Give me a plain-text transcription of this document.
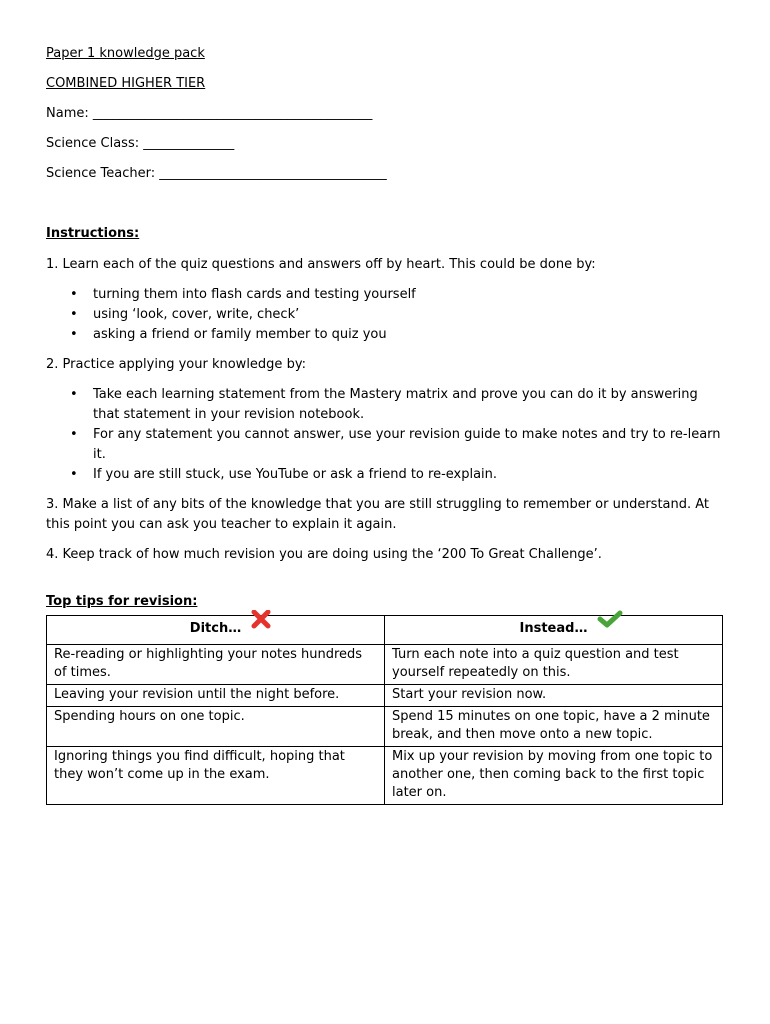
Paper 1 knowledge pack
COMBINED HIGHER TIER
Name: ___________________________________________
Science Class: ______________
Science Teacher: ___________________________________
Instructions:

1. Learn each of the quiz questions and answers off by heart. This could be done by:

• turning them into flash cards and testing yourself
• using ‘look, cover, write, check’
• asking a friend or family member to quiz you

2. Practice applying your knowledge by:

• Take each learning statement from the Mastery matrix and prove you can do it by answering that statement in your revision notebook.
• For any statement you cannot answer, use your revision guide to make notes and try to re-learn it.
• If you are still stuck, use YouTube or ask a friend to re-explain.

3. Make a list of any bits of the knowledge that you are still struggling to remember or understand. At this point you can ask you teacher to explain it again.

4. Keep track of how much revision you are doing using the ‘200 To Great Challenge’.

Top tips for revision:
Ditch…	Instead…

Re-reading or highlighting your notes hundreds of times.	Turn each note into a quiz question and test yourself repeatedly on this.
Leaving your revision until the night before.	Start your revision now.
Spending hours on one topic.	Spend 15 minutes on one topic, have a 2 minute break, and then move onto a new topic.
Ignoring things you find difficult, hoping that they won’t come up in the exam.	Mix up your revision by moving from one topic to another one, then coming back to the first topic later on.
